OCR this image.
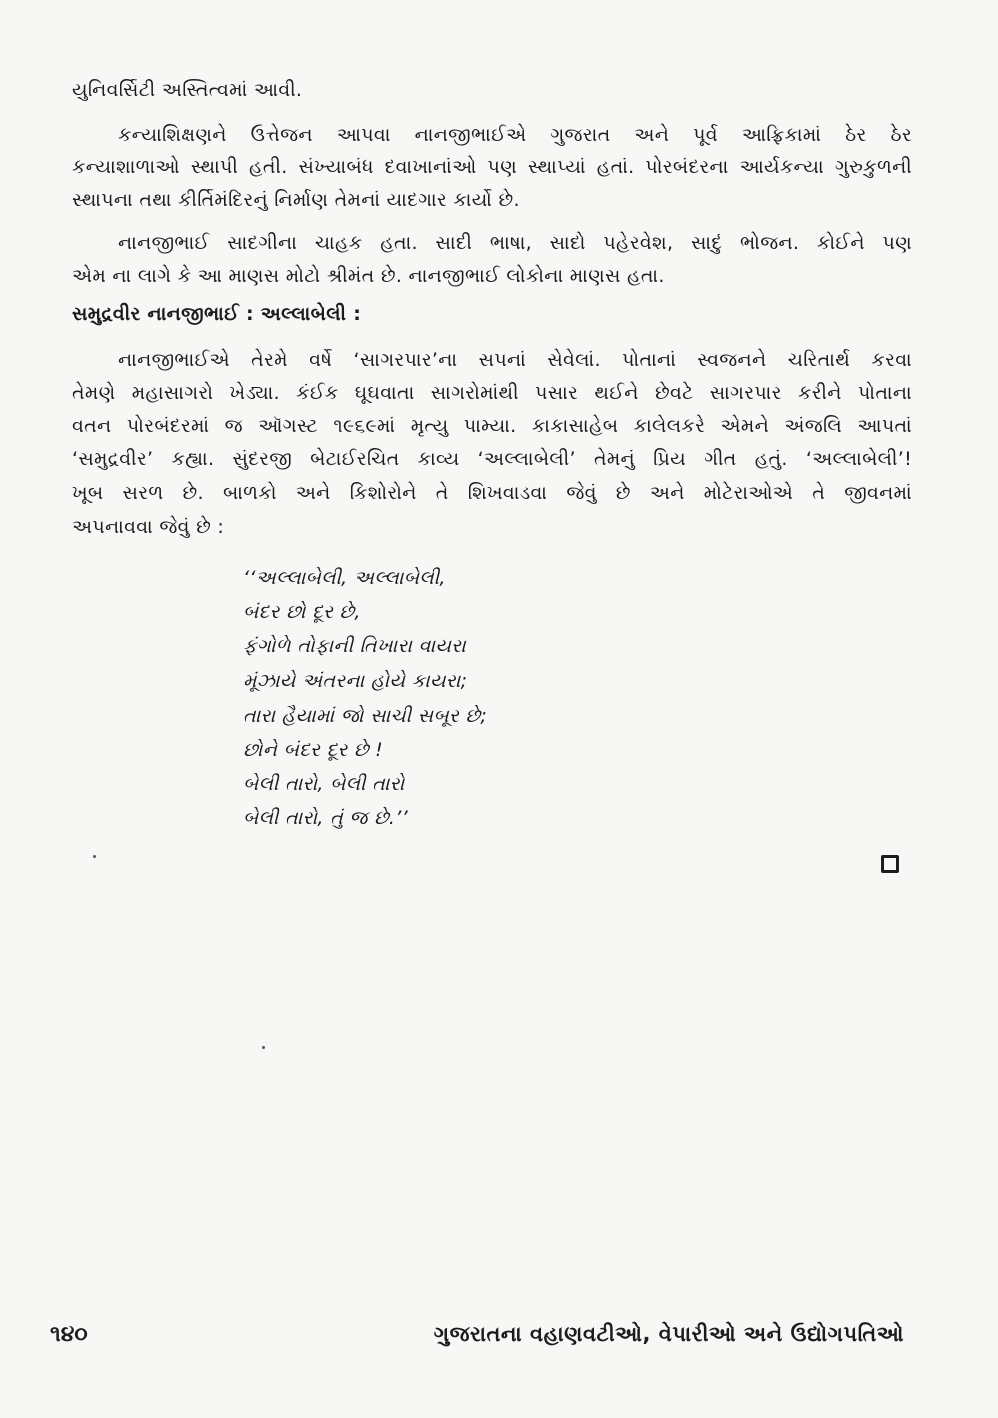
યુનિવર્સિટી અસ્તિત્વમાં આવી.
કન્યાશિક્ષણને ઉત્તેજન આપવા નાનજીભાઈએ ગુજરાત અને પૂર્વ આફ્રિકામાં ઠેર ઠેર
કન્યાશાળાઓ સ્થાપી હતી. સંખ્યાબંધ દવાખાનાંઓ પણ સ્થાપ્યાં હતાં. પોરબંદરના આર્યકન્યા ગુરુકુળની
સ્થાપના તથા કીર્તિમંદિરનું નિર્માણ તેમનાં યાદગાર કાર્યો છે.
નાનજીભાઈ સાદગીના ચાહક હતા. સાદી ભાષા, સાદો પહેરવેશ, સાદું ભોજન. કોઈને પણ
એમ ના લાગે કે આ માણસ મોટો શ્રીમંત છે. નાનજીભાઈ લોકોના માણસ હતા.
સમુદ્રવીર નાનજીભાઈ : અલ્લાબેલી :
નાનજીભાઈએ તેરમે વર્ષે ‘સાગરપાર’ના સપનાં સેવેલાં. પોતાનાં સ્વજનને ચરિતાર્થ કરવા
તેમણે મહાસાગરો ખેડ્યા. કંઈક ઘૂઘવાતા સાગરોમાંથી પસાર થઈને છેવટે સાગરપાર કરીને પોતાના
વતન પોરબંદરમાં જ ઑગસ્ટ ૧૯૬૯માં મૃત્યુ પામ્યા. કાકાસાહેબ કાલેલકરે એમને અંજલિ આપતાં
‘સમુદ્રવીર’ કહ્યા. સુંદરજી બેટાઈરચિત કાવ્ય ‘અલ્લાબેલી’ તેમનું પ્રિય ગીત હતું. ‘અલ્લાબેલી’!
ખૂબ સરળ છે. બાળકો અને કિશોરોને તે શિખવાડવા જેવું છે અને મોટેરાઓએ તે જીવનમાં
અપનાવવા જેવું છે :
‘‘અલ્લાબેલી, અલ્લાબેલી,
બંદર છો દૂર છે,
ફંગોળે તોફાની તિખારા વાયરા
મૂંઝાયે અંતરના હોયે કાયરા;
તારા હૈયામાં જો સાચી સબૂર છે;
છોને બંદર દૂર છે !
બેલી તારો, બેલી તારો
બેલી તારો, તું જ છે.’’
૧૪૦	ગુજરાતના વહાણવટીઓ, વેપારીઓ અને ઉદ્યોગપતિઓ
